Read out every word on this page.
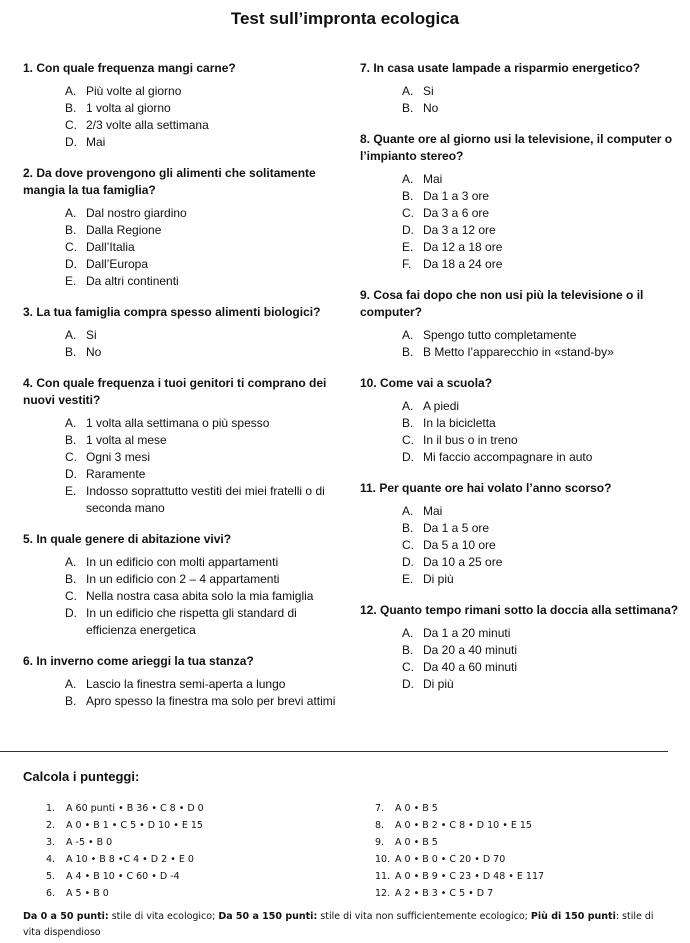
Test sull’impronta ecologica
1. Con quale frequenza mangi carne?
A. Più volte al giorno
B. 1 volta al giorno
C. 2/3 volte alla settimana
D. Mai
2. Da dove provengono gli alimenti che solitamente mangia la tua famiglia?
A. Dal nostro giardino
B. Dalla Regione
C. Dall’Italia
D. Dall’Europa
E. Da altri continenti
3. La tua famiglia compra spesso alimenti biologici?
A. Si
B. No
4. Con quale frequenza i tuoi genitori ti comprano dei nuovi vestiti?
A. 1 volta alla settimana o più spesso
B. 1 volta al mese
C. Ogni 3 mesi
D. Raramente
E. Indosso soprattutto vestiti dei miei fratelli o di seconda mano
5. In quale genere di abitazione vivi?
A. In un edificio con molti appartamenti
B. In un edificio con 2 – 4 appartamenti
C. Nella nostra casa abita solo la mia famiglia
D. In un edificio che rispetta gli standard di efficienza energetica
6. In inverno come arieggi la tua stanza?
A. Lascio la finestra semi-aperta a lungo
B. Apro spesso la finestra ma solo per brevi attimi
7. In casa usate lampade a risparmio energetico?
A. Si
B. No
8. Quante ore al giorno usi la televisione, il computer o l’impianto stereo?
A. Mai
B. Da 1 a 3 ore
C. Da 3 a 6 ore
D. Da 3 a 12 ore
E. Da 12 a 18 ore
F. Da 18 a 24 ore
9. Cosa fai dopo che non usi più la televisione o il computer?
A. Spengo tutto completamente
B. B Metto l’apparecchio in «stand-by»
10. Come vai a scuola?
A. A piedi
B. In la bicicletta
C. In il bus o in treno
D. Mi faccio accompagnare in auto
11. Per quante ore hai volato l’anno scorso?
A. Mai
B. Da 1 a 5 ore
C. Da 5 a 10 ore
D. Da 10 a 25 ore
E. Di più
12. Quanto tempo rimani sotto la doccia alla settimana?
A. Da 1 a 20 minuti
B. Da 20 a 40 minuti
C. Da 40 a 60 minuti
D. Di più
Calcola i punteggi:
1.	A 60 punti • B 36 • C 8 • D 0
2.	A 0 • B 1 • C 5 • D 10 • E 15
3.	A -5 • B 0
4.	A 10 • B 8 •C 4 • D 2 • E 0
5.	A 4 • B 10 • C 60 • D -4
6.	A 5 • B 0
7.	A 0 • B 5
8.	A 0 • B 2 • C 8 • D 10 • E 15
9.	A 0 • B 5
10. A 0 • B 0 • C 20 • D 70
11. A 0 • B 9 • C 23 • D 48 • E 117
12. A 2 • B 3 • C 5 • D 7
Da 0 a 50 punti: stile di vita ecologico; Da 50 a 150 punti: stile di vita non sufficientemente ecologico; Più di 150 punti: stile di vita dispendioso
